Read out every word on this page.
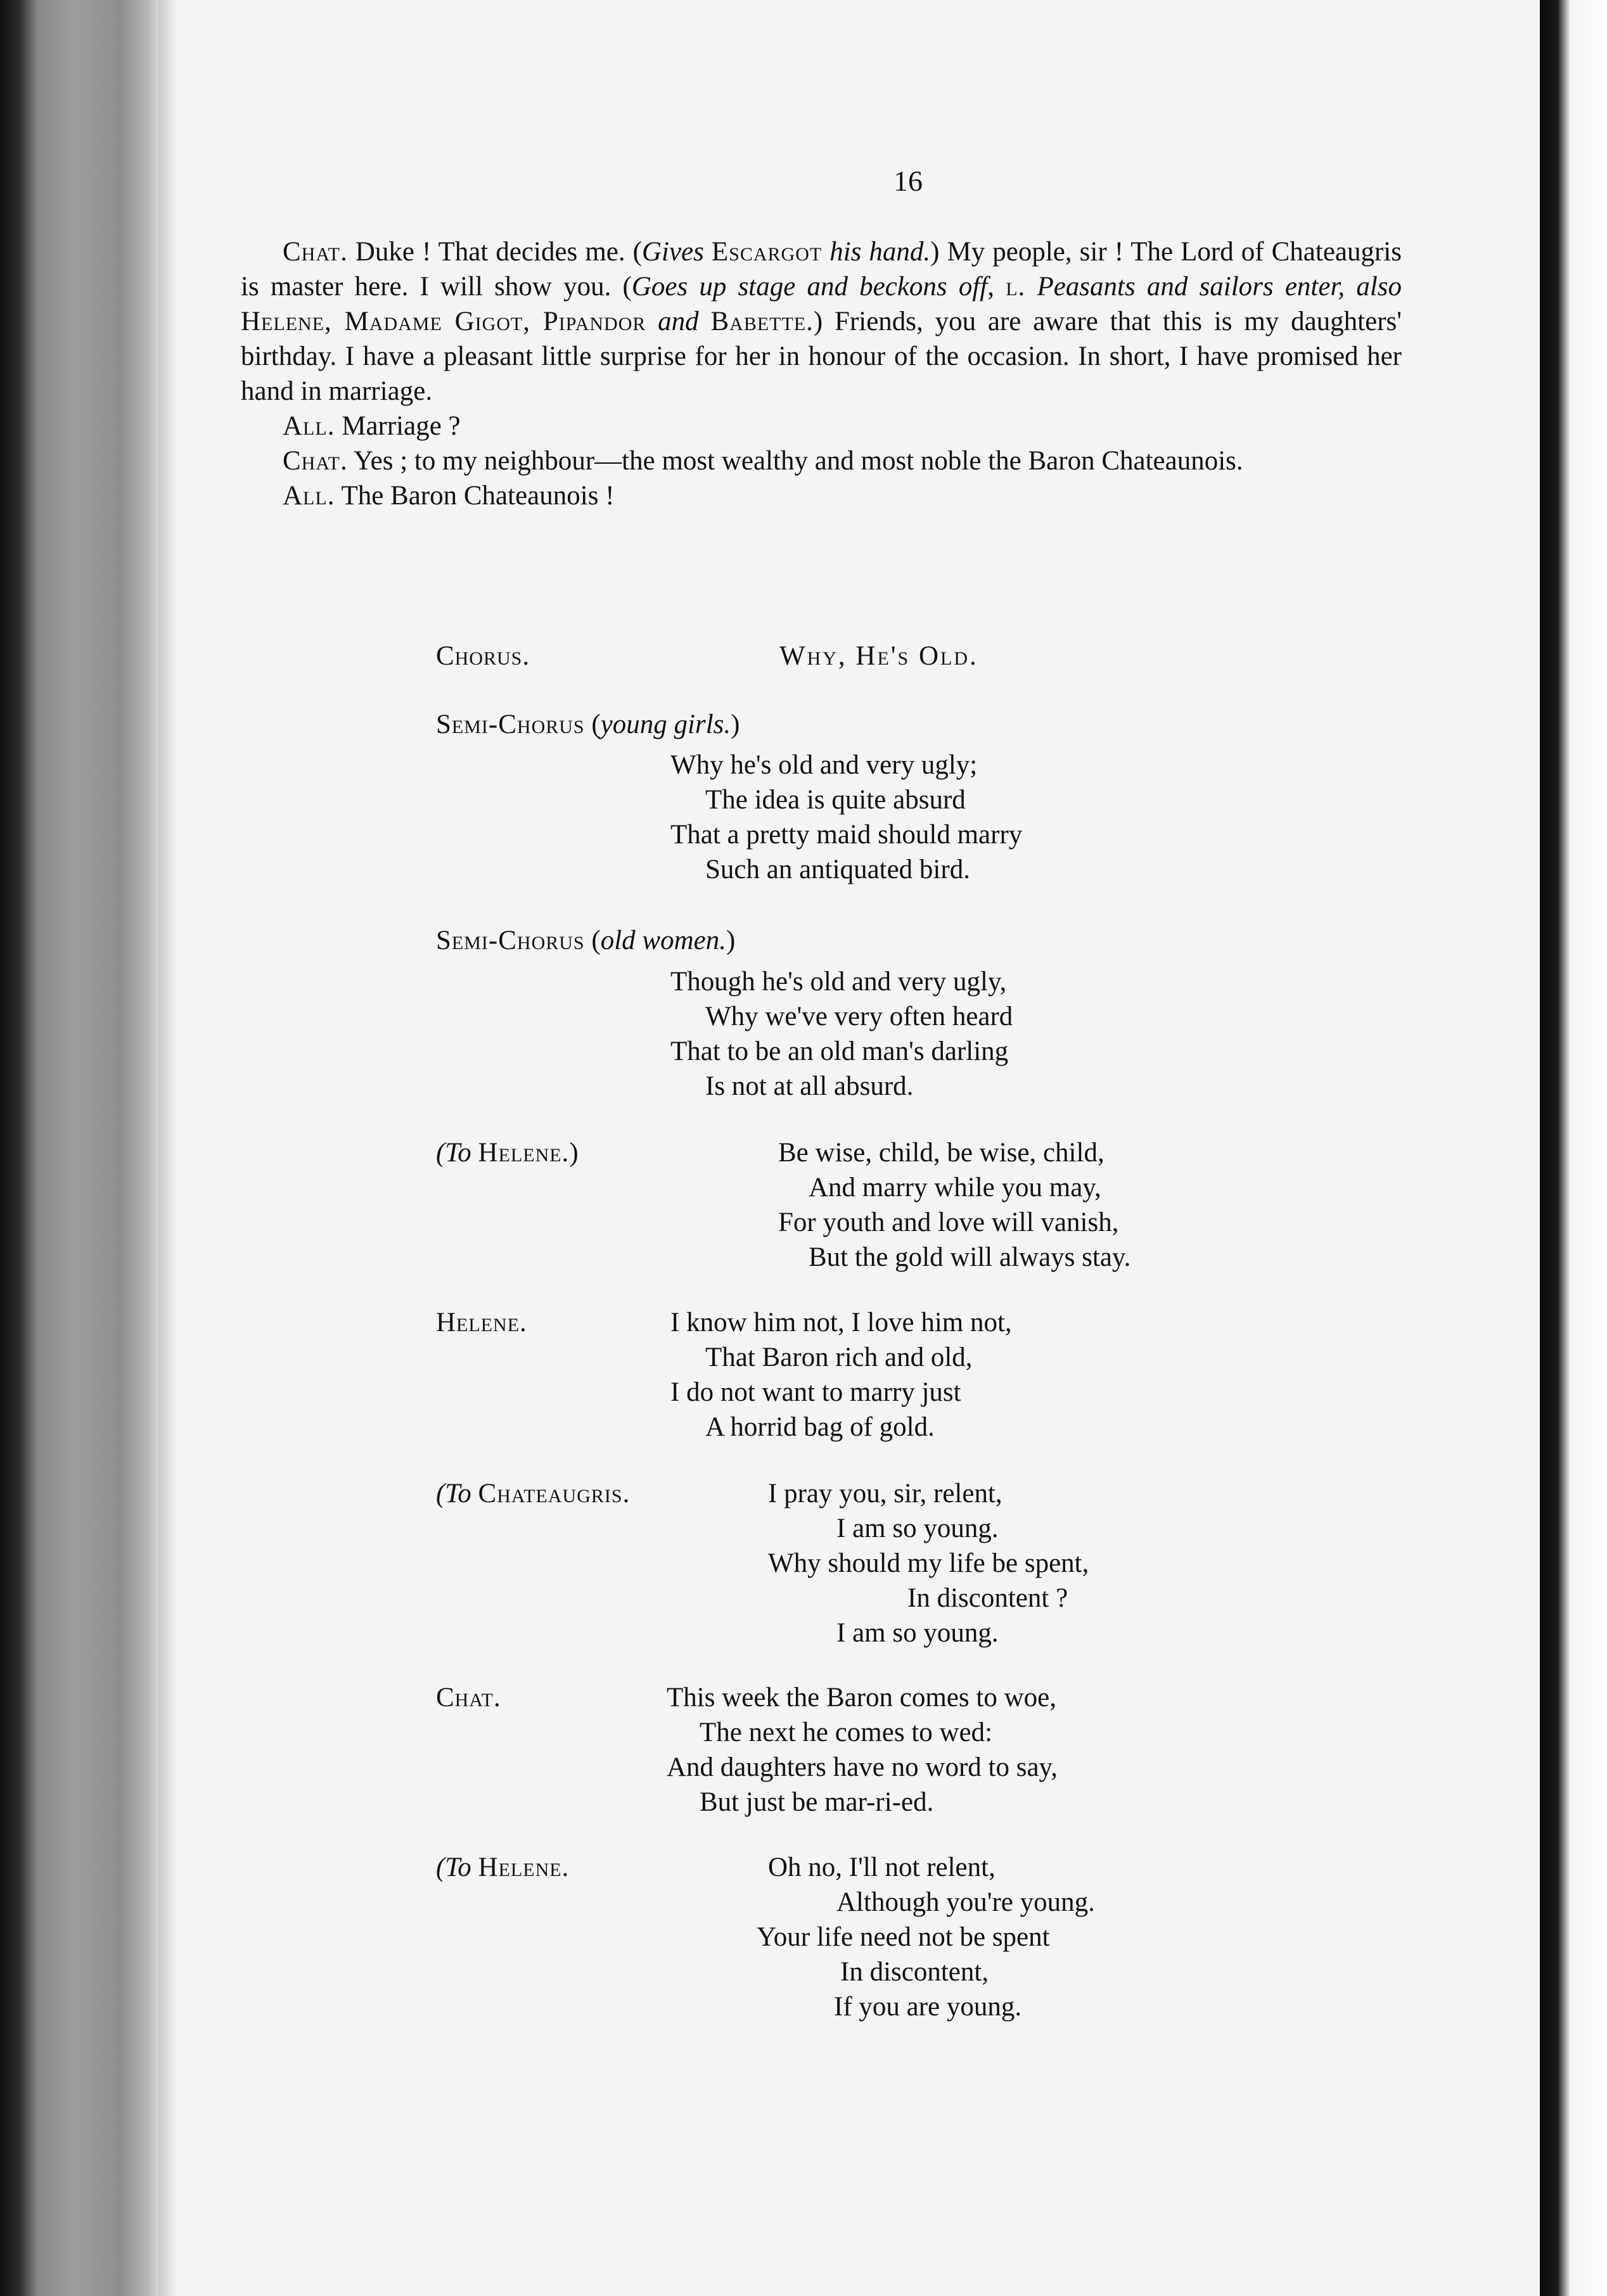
16
Chat. Duke ! That decides me. (Gives Escargot his hand.) My people, sir ! The Lord of Chateaugris is master here. I will show you. (Goes up stage and beckons off, l. Peasants and sailors enter, also Helene, Madame Gigot, Pipandor and Babette.) Friends, you are aware that this is my daughters' birthday. I have a pleasant little surprise for her in honour of the occasion. In short, I have promised her hand in marriage.
All. Marriage ?
Chat. Yes ; to my neighbour—the most wealthy and most noble the Baron Chateaunois.
All. The Baron Chateaunois !
Chorus.	Why, He's Old.
Semi-Chorus (young girls.)
Why he's old and very ugly;
The idea is quite absurd
That a pretty maid should marry
Such an antiquated bird.
Semi-Chorus (old women.)
Though he's old and very ugly,
Why we've very often heard
That to be an old man's darling
Is not at all absurd.
(To Helene.)	Be wise, child, be wise, child,
And marry while you may,
For youth and love will vanish,
But the gold will always stay.
Helene.	I know him not, I love him not,
That Baron rich and old,
I do not want to marry just
A horrid bag of gold.
(To Chateaugris.	I pray you, sir, relent,
I am so young.
Why should my life be spent,
In discontent ?
I am so young.
Chat.	This week the Baron comes to woe,
The next he comes to wed:
And daughters have no word to say,
But just be mar-ri-ed.
(To Helene.	Oh no, I'll not relent,
Although you're young.
Your life need not be spent
In discontent,
If you are young.
